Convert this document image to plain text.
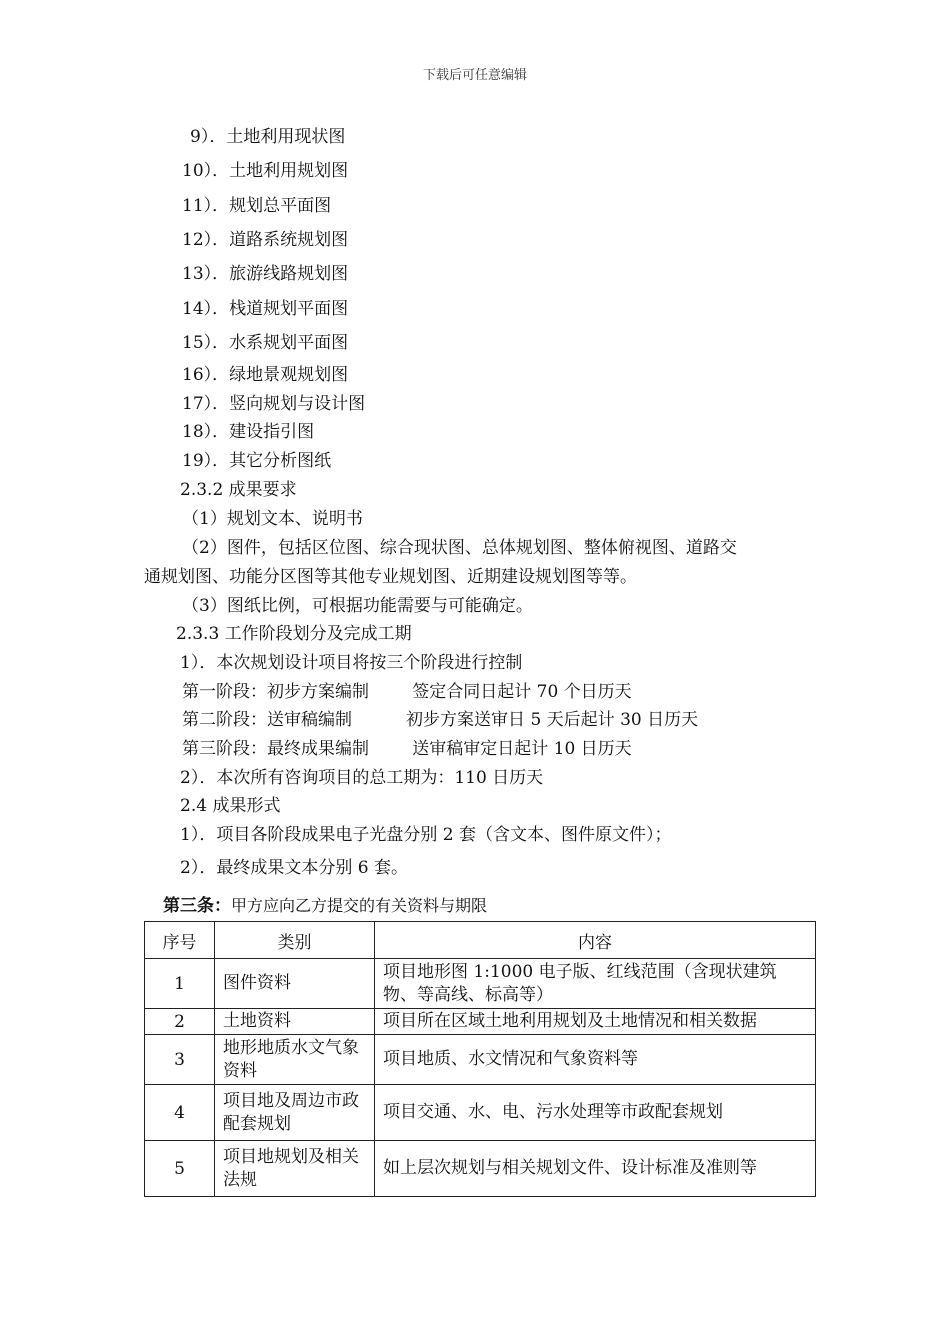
下载后可任意编辑
9）．土地利用现状图
10）．土地利用规划图
11）．规划总平面图
12）．道路系统规划图
13）．旅游线路规划图
14）．栈道规划平面图
15）．水系规划平面图
16）．绿地景观规划图
17）．竖向规划与设计图
18）．建设指引图
19）．其它分析图纸
2.3.2 成果要求
（1）规划文本、说明书
（2）图件，包括区位图、综合现状图、总体规划图、整体俯视图、道路交
通规划图、功能分区图等其他专业规划图、近期建设规划图等等。
（3）图纸比例，可根据功能需要与可能确定。
2.3.3 工作阶段划分及完成工期
1）．本次规划设计项目将按三个阶段进行控制
第一阶段：初步方案编制        签定合同日起计 70 个日历天
第二阶段：送审稿编制          初步方案送审日 5 天后起计 30 日历天
第三阶段：最终成果编制        送审稿审定日起计 10 日历天
2）．本次所有咨询项目的总工期为：110 日历天
2.4 成果形式
1）．项目各阶段成果电子光盘分别 2 套（含文本、图件原文件）；
2）．最终成果文本分别 6 套。
第三条：甲方应向乙方提交的有关资料与期限
序号	类别	内容
1	图件资料	项目地形图 1:1000 电子版、红线范围（含现状建筑物、等高线、标高等）
2	土地资料	项目所在区域土地利用规划及土地情况和相关数据
3	地形地质水文气象资料	项目地质、水文情况和气象资料等
4	项目地及周边市政配套规划	项目交通、水、电、污水处理等市政配套规划
5	项目地规划及相关法规	如上层次规划与相关规划文件、设计标准及准则等
